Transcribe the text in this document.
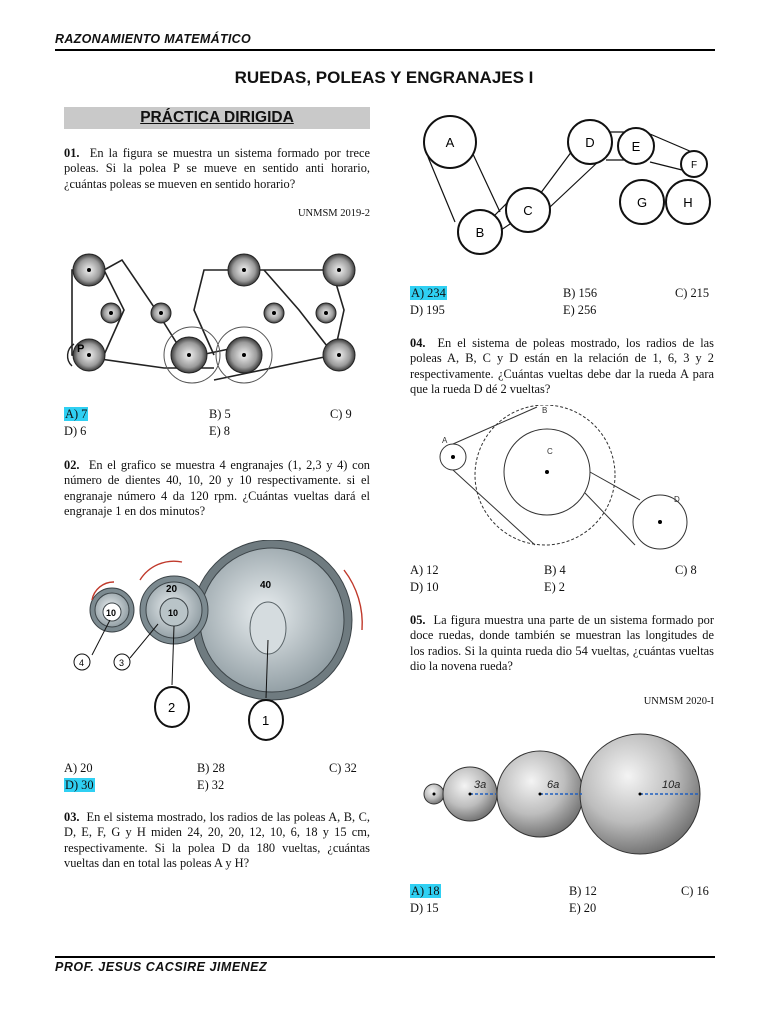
RAZONAMIENTO MATEMÁTICO
RUEDAS, POLEAS Y ENGRANAJES I
PRÁCTICA DIRIGIDA
01. En la figura se muestra un sistema formado por trece poleas. Si la polea P se mueve en sentido anti horario, ¿cuántas poleas se mueven en sentido horario?
UNMSM 2019-2
P
A) 7	B) 5	C) 9
D) 6	E) 8
02. En el grafico se muestra 4 engranajes (1, 2,3 y 4) con número de dientes 40, 10, 20 y 10 respectivamente. si el engranaje número 4 da 120 rpm. ¿Cuántas vueltas dará el engranaje 1 en dos minutos?
40
20
10
10
4	3
2
1
A) 20	B) 28	C) 32
D) 30	E) 32
03. En el sistema mostrado, los radios de las poleas A, B, C, D, E, F, G y H miden 24, 20, 20, 12, 10, 6, 18 y 15 cm, respectivamente. Si la polea D da 180 vueltas, ¿cuántas vueltas dan en total las poleas A y H?
A
B
C
D	E
F
G	H
A) 234	B) 156	C) 215
D) 195	E) 256
04. En el sistema de poleas mostrado, los radios de las poleas A, B, C y D están en la relación de 1, 6, 3 y 2 respectivamente. ¿Cuántas vueltas debe dar la rueda A para que la rueda D dé 2 vueltas?
A
B
C
D
A) 12	B) 4	C) 8
D) 10	E) 2
05. La figura muestra una parte de un sistema formado por doce ruedas, donde también se muestran las longitudes de los radios. Si la quinta rueda dio 54 vueltas, ¿cuántas vueltas dio la novena rueda?
UNMSM 2020-I
3a	6a	10a
A) 18	B) 12	C) 16
D) 15	E) 20
PROF. JESUS CACSIRE JIMENEZ
